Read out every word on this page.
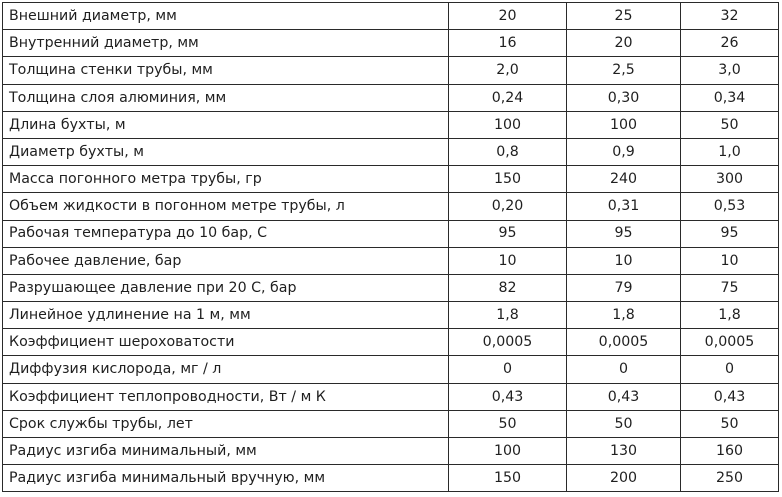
Внешний диаметр, мм	20	25	32
Внутренний диаметр, мм	16	20	26
Толщина стенки трубы, мм	2,0	2,5	3,0
Толщина слоя алюминия, мм	0,24	0,30	0,34
Длина бухты, м	100	100	50
Диаметр бухты, м	0,8	0,9	1,0
Масса погонного метра трубы, гр	150	240	300
Объем жидкости в погонном метре трубы, л	0,20	0,31	0,53
Рабочая температура до 10 бар, С	95	95	95
Рабочее давление, бар	10	10	10
Разрушающее давление при 20 С, бар	82	79	75
Линейное удлинение на 1 м, мм	1,8	1,8	1,8
Коэффициент шероховатости	0,0005	0,0005	0,0005
Диффузия кислорода, мг / л	0	0	0
Коэффициент теплопроводности, Вт / м К	0,43	0,43	0,43
Срок службы трубы, лет	50	50	50
Радиус изгиба минимальный, мм	100	130	160
Радиус изгиба минимальный вручную, мм	150	200	250
